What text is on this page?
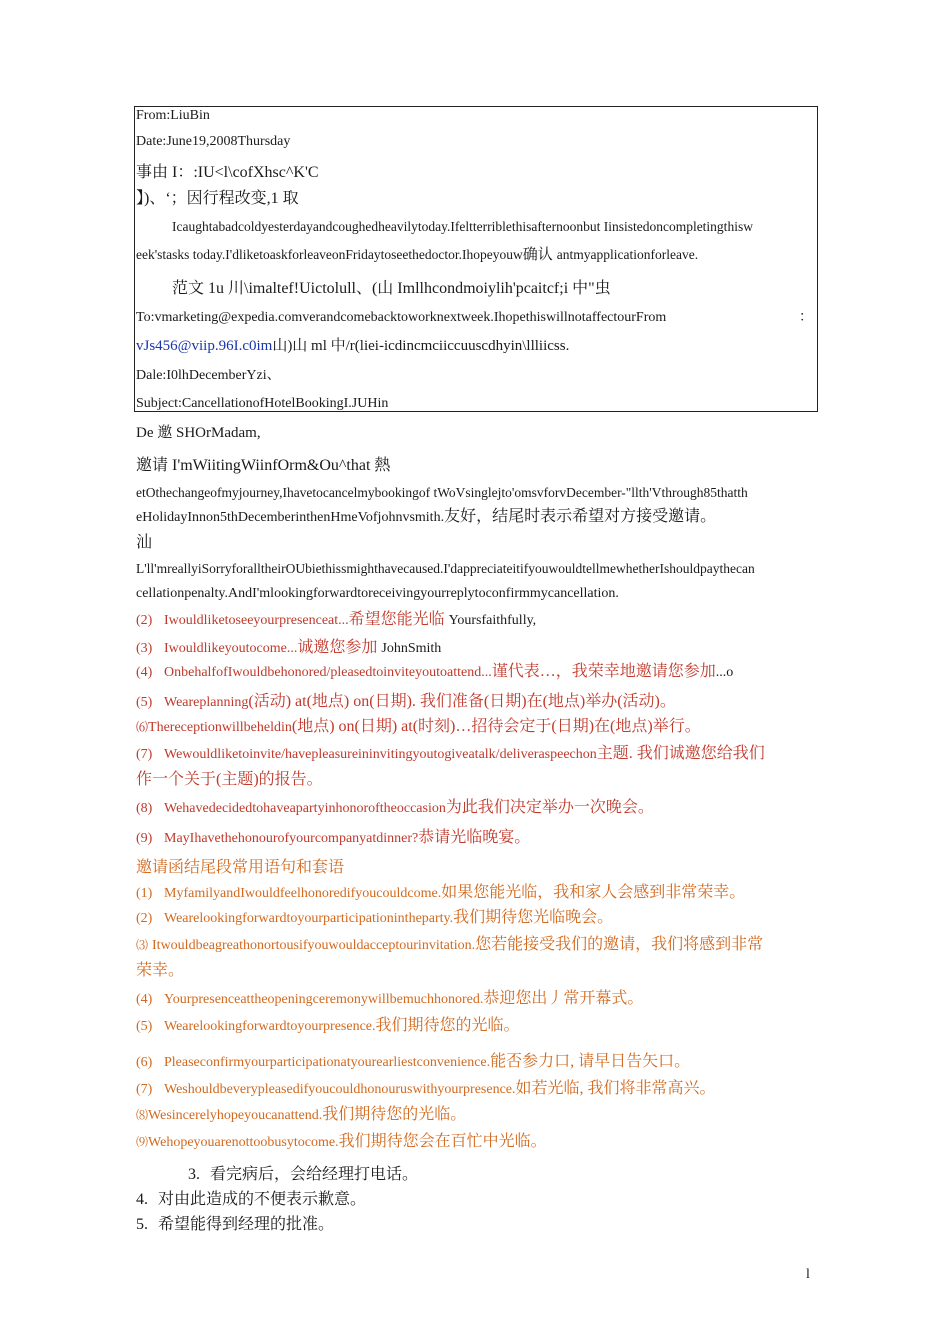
From:LiuBin
Date:June19,2008Thursday
事由 I：:IU<l\cofXhsc^K'C
】)、‘；因行程改变,1 取
Icaughtabadcoldyesterdayandcoughedheavilytoday.Ifeltterriblethisafternoonbut Iinsistedoncompletingthisw
eek'stasks today.I'dliketoaskforleaveonFridaytoseethedoctor.Ihopeyouw确认 antmyapplicationforleave.
范文 1u 川\imaltef!Uictolull、(山 Imllhcondmoiylih'pcaitcf;i 中"虫
To:vmarketing@expedia.comverandcomebacktoworknextweek.IhopethiswillnotaffectourFrom	：
vJs456@viip.96I.c0im山)山 ml 中/r(liei-icdincmciiccuuscdhyin\llliicss.
Dale:I0lhDecemberYzi、
Subject:CancellationofHotelBookingI.JUHin
De 邀 SHOrMadam,
邀请 I'mWiitingWiinfOrm&Ou^that 熱
etOthechangeofmyjourney,Ihavetocancelmybookingof tWoVsinglejto'omsvforvDecember-"llth'Vthrough85thatth
eHolidayInnon5thDecemberinthenHmeVofjohnvsmith.友好，结尾时表示希望对方接受邀请。
汕
L'll'mreallyiSorryforalltheirOUbiethissmighthavecaused.I'dappreciateitifyouwouldtellmewhetherIshouldpaythecan
cellationpenalty.AndI'mlookingforwardtoreceivingyourreplytoconfirmmycancellation.
(2) Iwouldliketoseeyourpresenceat...希望您能光临 Yoursfaithfully,
(3) Iwouldlikeyoutocome...诚邀您参加 JohnSmith
(4) OnbehalfofIwouldbehonored/pleasedtoinviteyoutoattend...谨代表…，我荣幸地邀请您参加...o
(5) Weareplanning(活动) at(地点) on(日期). 我们准备(日期)在(地点)举办(活动)。
⑹Thereceptionwillbeheldin(地点) on(日期) at(时刻)…招待会定于(日期)在(地点)举行。
(7) Wewouldliketoinvite/havepleasureininvitingyoutogiveatalk/deliveraspeechon主题. 我们诚邀您给我们
作一个关于(主题)的报告。
(8) Wehavedecidedtohaveapartyinhonoroftheoccasion为此我们决定举办一次晚会。
(9) MayIhavethehonourofyourcompanyatdinner?恭请光临晚宴。
邀请函结尾段常用语句和套语
(1) MyfamilyandIwouldfeelhonoredifyoucouldcome.如果您能光临，我和家人会感到非常荣幸。
(2) Wearelookingforwardtoyourparticipationintheparty.我们期待您光临晚会。
⑶ Itwouldbeagreathonortousifyouwouldacceptourinvitation.您若能接受我们的邀请，我们将感到非常
荣幸。
(4) Yourpresenceattheopeningceremonywillbemuchhonored.恭迎您出丿常开幕式。
(5) Wearelookingforwardtoyourpresence.我们期待您的光临。
(6) Pleaseconfirmyourparticipationatyourearliestconvenience.能否参力口, 请早日告矢口。
(7) Weshouldbeverypleasedifyoucouldhonouruswithyourpresence.如若光临, 我们将非常高兴。
⑻Wesincerelyhopeyoucanattend.我们期待您的光临。
⑼Wehopeyouarenottoobusytocome.我们期待您会在百忙中光临。
3. 看完病后，会给经理打电话。
4. 对由此造成的不便表示歉意。
5. 希望能得到经理的批准。
l
